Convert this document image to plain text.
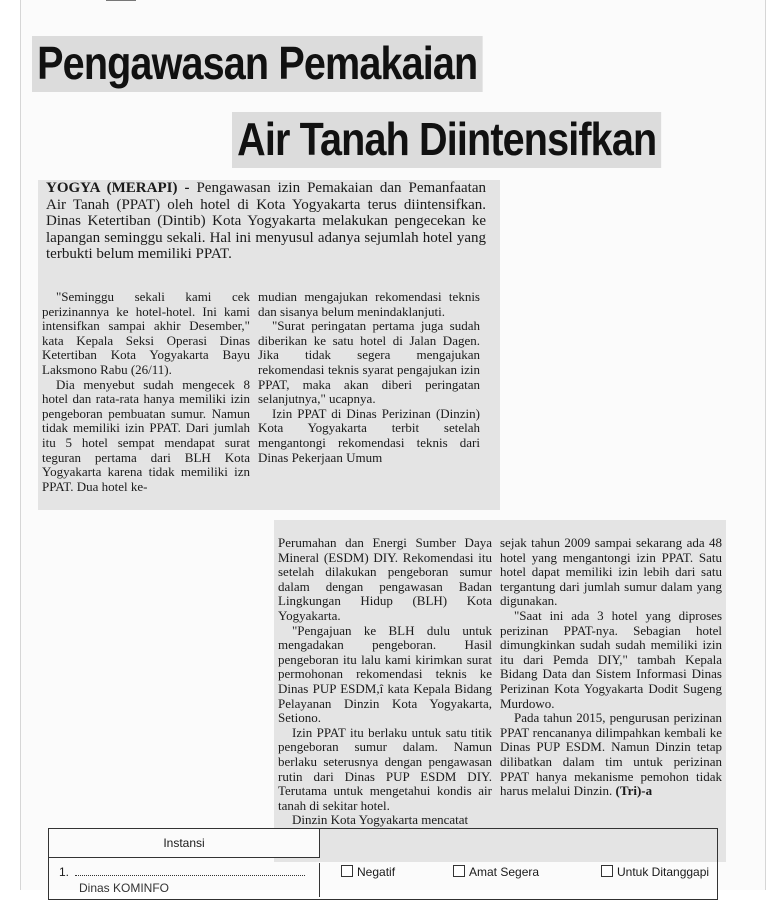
Pengawasan Pemakaian
Air Tanah Diintensifkan
YOGYA (MERAPI) - Pengawasan izin Pemakaian dan Pemanfaatan Air Tanah (PPAT) oleh hotel di Kota Yogyakarta terus diintensifkan. Dinas Ketertiban (Dintib) Kota Yogyakarta melakukan pengecekan ke lapangan seminggu sekali. Hal ini menyusul adanya sejumlah hotel yang terbukti belum memiliki PPAT.

"Seminggu sekali kami cek perizinannya ke hotel-hotel. Ini kami intensifkan sampai akhir Desember," kata Kepala Seksi Operasi Dinas Ketertiban Kota Yogyakarta Bayu Laksmono Rabu (26/11).

Dia menyebut sudah mengecek 8 hotel dan rata-rata hanya memiliki izin pengeboran pembuatan sumur. Namun tidak memiliki izin PPAT. Dari jumlah itu 5 hotel sempat mendapat surat teguran pertama dari BLH Kota Yogyakarta karena tidak memiliki izn PPAT. Dua hotel ke-

mudian mengajukan rekomendasi teknis dan sisanya belum menindaklanjuti.

"Surat peringatan pertama juga sudah diberikan ke satu hotel di Jalan Dagen. Jika tidak segera mengajukan rekomendasi teknis syarat pengajukan izin PPAT, maka akan diberi peringatan selanjutnya," ucapnya.

Izin PPAT di Dinas Perizinan (Dinzin) Kota Yogyakarta terbit setelah mengantongi rekomendasi teknis dari Dinas Pekerjaan Umum

Perumahan dan Energi Sumber Daya Mineral (ESDM) DIY. Rekomendasi itu setelah dilakukan pengeboran sumur dalam dengan pengawasan Badan Lingkungan Hidup (BLH) Kota Yogyakarta.

"Pengajuan ke BLH dulu untuk mengadakan pengeboran. Hasil pengeboran itu lalu kami kirimkan surat permohonan rekomendasi teknis ke Dinas PUP ESDM,î kata Kepala Bidang Pelayanan Dinzin Kota Yogyakarta, Setiono.

Izin PPAT itu berlaku untuk satu titik pengeboran sumur dalam. Namun berlaku seterusnya dengan pengawasan rutin dari Dinas PUP ESDM DIY. Terutama untuk mengetahui kondis air tanah di sekitar hotel.

Dinzin Kota Yogyakarta mencatat

sejak tahun 2009 sampai sekarang ada 48 hotel yang mengantongi izin PPAT. Satu hotel dapat memiliki izin lebih dari satu tergantung dari jumlah sumur dalam yang digunakan.

"Saat ini ada 3 hotel yang diproses perizinan PPAT-nya. Sebagian hotel dimungkinkan sudah sudah memiliki izin itu dari Pemda DIY," tambah Kepala Bidang Data dan Sistem Informasi Dinas Perizinan Kota Yogyakarta Dodit Sugeng Murdowo.

Pada tahun 2015, pengurusan perizinan PPAT rencananya dilimpahkan kembali ke Dinas PUP ESDM. Namun Dinzin tetap dilibatkan dalam tim untuk perizinan PPAT hanya mekanisme pemohon tidak harus melalui Dinzin. (Tri)-a

Instansi
1.
Dinas KOMINFO
Negatif	Amat Segera	Untuk Ditanggapi
